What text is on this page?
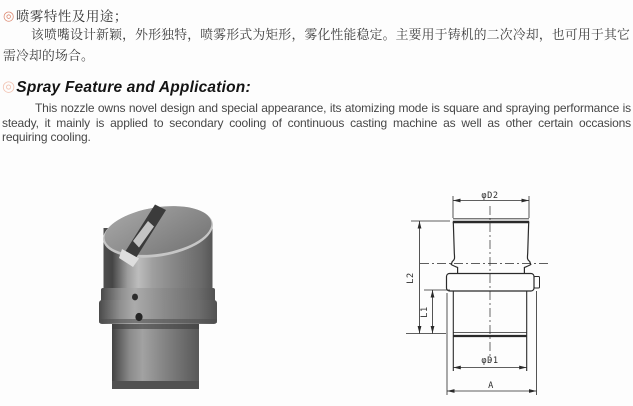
◎喷雾特性及用途；

该喷嘴设计新颖，外形独特，喷雾形式为矩形，雾化性能稳定。主要用于铸机的二次冷却，也可用于其它需冷却的场合。

◎Spray Feature and Application:

This nozzle owns novel design and special appearance, its atomizing mode is square and spraying performance is steady, it mainly is applied to secondary cooling of continuous casting machine as well as other certain occasions requiring cooling.

φD2
L2
L1
φD1
A
